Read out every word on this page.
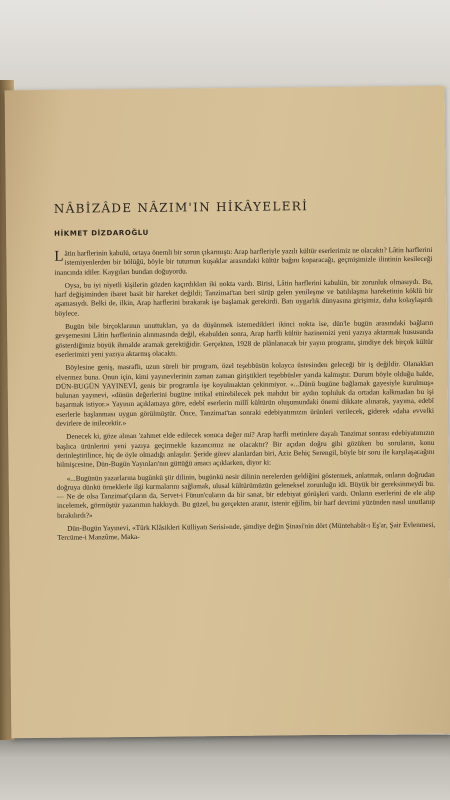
NÂBİZÂDE NÂZIM'IN HİKÂYELERİ
HİKMET DİZDAROĞLU

Lâtin harflerinin kabulü, ortaya önemli bir sorun çıkarmıştı: Arap harfleriyle yazılı kültür eserlerimiz ne olacaktı? Lâtin harflerini istemiyenlerden bir bölüğü, böyle bir tutumun kuşaklar arasındaki kültür bağını koparacağı, geçmişimizle ilintinin kesileceği inancında idiler. Kaygıları bundan doğuyordu.

Oysa, bu iyi niyetli kişilerin gözden kaçırdıkları iki nokta vardı. Birisi, Lâtin harflerini kabulün, bir zorunluk olmasıydı. Bu, harf değişiminden ibaret basit bir hareket değildi; Tanzimat'tan beri sürüp gelen yenileşme ve batılılaşma hareketinin köklü bir aşamasıydı. Belki de, ilkin, Arap harflerini bırakarak işe başlamak gerekirdi. Batı uygarlık dünyasına girişimiz, daha kolaylaşırdı böylece.

Bugün bile birçoklarının unuttukları, ya da düşünmek istemedikleri ikinci nokta ise, dün'le bugün arasındaki bağların gevşemesini Lâtin harflerinin alınmasında değil, ekabulden sonra, Arap harfli kültür hazinemizi yeni yazıya aktarmak hususunda gösterdiğimiz büyük ihmalde aramak gerektiğidir. Gerçekten, 1928 de plânlanacak bir yayın programı, şimdiye dek birçok kültür eserlerimizi yeni yazıya aktarmış olacaktı.

Böylesine geniş, masraflı, uzun süreli bir program, özel teşebbüsün kolayca üstesinden geleceği bir iş değildir. Olanakları elvermez buna. Onun için, kimi yayınevlerinin zaman zaman giriştikleri teşebbüsler yarıda kalmıştır. Durum böyle olduğu halde, DÜN-BUGÜN YAYINEVİ, genis bir programla işe koyulmaktan çekinmiyor. «...Dünü bugüne bağlamak gayesiyle kurulmuş» bulunan yayınevi, «dünün değerlerini bugüne intikal ettirebilecek pek mahdut bir aydın topluluk da ortadan kalkmadan bu işi başarmak istiyor.» Yayının açıklamaya göre, edebî eserlerin millî kültürün oluşumundaki önemi dikkate alınarak, yayıma, edebî eserlerle başlanması uygun görülmüştür. Önce, Tanzimat'tan sonraki edebiyatımızın ürünleri verilecek, giderek «daha evvelki devirlere de inilecektir.»

Denecek ki, göze alınan 'zahmet elde edilecek sonuca değer mi? Arap harfli metinlere dayalı Tanzimat sonrası edebiyatımızın başlıca ürünlerini yeni yazıya geçirmekle kazancımız ne olacaktır? Bir açıdan doğru gibi gözüken bu soruların, konu derinleştirilince, hiç de öyle olmadığı anlaşılır. Şeride görev alanlardan biri, Aziz Behiç Serengil, böyle bir soru ile karşılaşacağını bilmişcesine, Dün-Bugün Yayınları'nın güttüğü amacı açıklarken, diyor ki:

«...Bugünün yazarlarına bugünkü şiir dilinin, bugünkü nesir dilinin nerelerden geldiğini göstermek, anlatmak, onların doğrudan doğruya dünkü örneklerle ilgi kurmalarını sağlamak, ulusal kültürümüzün geleneksel zorunluğu idi. Büyük bir gereksinmeydi bu. — Ne de olsa Tanzimat'çıların da, Servet-i Fünun'cuların da bir sanat, bir edebiyat görüşleri vardı. Onların eserlerini de ele alıp incelemek, görmüştür yazarımın hakkıydı. Bu güzel, bu gerçekten aranır, istenir eğilim, bir harf devrimi yüzünden nasıl unutlanıp bırakılırdı?»

Dün-Bugün Yayınevi, «Türk Klâsikleri Külliyatı Serisi»nde, şimdiye değin Şinasi'nin dört (Müntehabât-ı Eş'ar, Şair Evlenmesi, Tercüme-i Manzûme, Maka-
